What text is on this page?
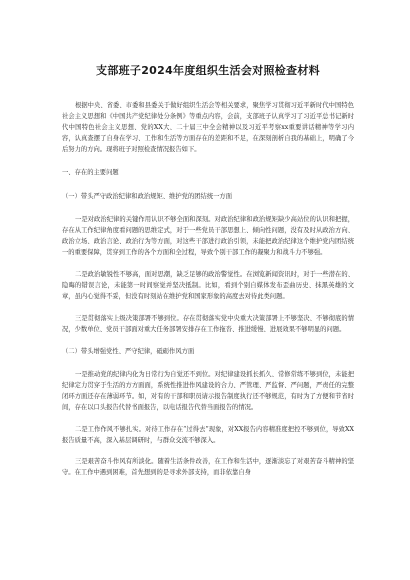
支部班子2024年度组织生活会对照检查材料

根据中央、省委、市委和县委关于做好组织生活会等相关要求，聚焦学习贯彻习近平新时代中国特色社会主义思想和《中国共产党纪律处分条例》等重点内容，会前，支部班子认真学习了习近平总书记新时代中国特色社会主义思想、党的XX大、二十届三中全会精神以及习近平考察xx重要讲话精神等学习内容，认真查摆了自身在学习、工作和生活等方面存在的差距和不足，在深刻剖析自我的基础上，明确了今后努力的方向。现将班子对照检查情况报告如下。

一、存在的主要问题

（一）带头严守政治纪律和政治规矩、维护党的团结统一方面

一是对政治纪律的关键作用认识不够全面和深刻。对政治纪律和政治规矩缺少高站位的认识和把握，存在从工作纪律角度看问题的思维定式，对于一些党员干部思想上、倾向性问题，没有及时从政治方向、政治立场、政治言论、政治行为等方面，对这些干部进行政治引领，未能把政治纪律这个维护党内团结统一的重要保障，贯穿到工作的各个方面和全过程，导致个别干部工作的凝聚力和战斗力不够强。

二是政治敏锐性不够高，面对思潮，缺乏足够的政治警觉性。在浏览新闻资讯时，对于一些潜在的、隐晦的错误言论，未能第一时间察觉并坚决抵制。比如，看到个别自媒体发布歪曲历史、抹黑英雄的文章，虽内心觉得不妥，但没有时刻站在维护党和国家形象的高度去对待此类问题。

三是贯彻落实上级决策部署不够到位。存在贯彻落实党中央重大决策部署上不够坚决、不够彻底的情况，少数单位、党员干部面对重大任务部署安排存在工作拖沓、推进缓慢、进展效果不够明显的问题。

（二）带头增强党性、严守纪律，砥砺作风方面

一是推动党的纪律内化为日常行为自觉还不到位。对纪律建设抓长抓久、常修常练不够到位，未能把纪律定力贯穿于生活的方方面面，系统性推进作风建设的合力、严管理、严监督、严问题，严责任的完整闭环方面还存在薄弱环节。如，对有的干部和职员请示报告制度执行还不够规范，有时为了方便和节省时间，存在以口头报告代替书面报告，以电话报告代替当面报告的情况。

二是工作作风不够扎实。对待工作存在“过得去”现象，对XX报告内容精准度把控不够到位，导致XX报告质量不高，深入基层调研时，与群众交流不够深入。

三是艰苦奋斗作风有所淡化。随着生活条件改善，在工作和生活中，逐渐淡忘了对艰苦奋斗精神的坚守。在工作中遇到困难，首先想到的是寻求外部支持，而非依靠自身
